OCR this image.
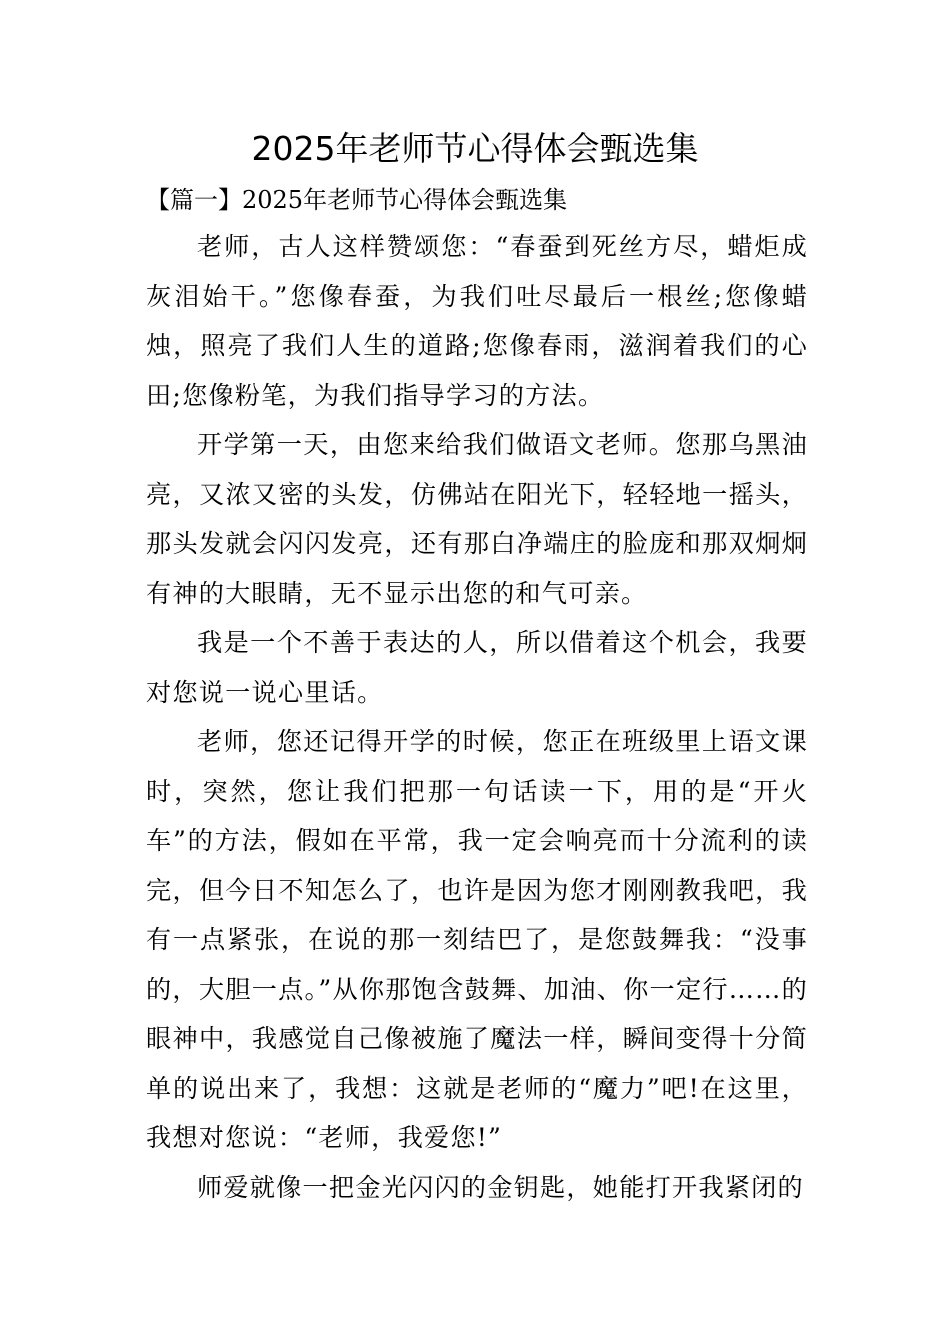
2025年老师节心得体会甄选集
【篇一】2025年老师节心得体会甄选集

老师，古人这样赞颂您：“春蚕到死丝方尽，蜡炬成灰泪始干。”您像春蚕，为我们吐尽最后一根丝;您像蜡烛，照亮了我们人生的道路;您像春雨，滋润着我们的心田;您像粉笔，为我们指导学习的方法。

开学第一天，由您来给我们做语文老师。您那乌黑油亮，又浓又密的头发，仿佛站在阳光下，轻轻地一摇头，那头发就会闪闪发亮，还有那白净端庄的脸庞和那双炯炯有神的大眼睛，无不显示出您的和气可亲。

我是一个不善于表达的人，所以借着这个机会，我要对您说一说心里话。

老师，您还记得开学的时候，您正在班级里上语文课时，突然，您让我们把那一句话读一下，用的是“开火车”的方法，假如在平常，我一定会响亮而十分流利的读完，但今日不知怎么了，也许是因为您才刚刚教我吧，我有一点紧张，在说的那一刻结巴了，是您鼓舞我：“没事的，大胆一点。”从你那饱含鼓舞、加油、你一定行……的眼神中，我感觉自己像被施了魔法一样，瞬间变得十分简单的说出来了，我想：这就是老师的“魔力”吧!在这里，我想对您说：“老师，我爱您!”

师爱就像一把金光闪闪的金钥匙，她能打开我紧闭的
